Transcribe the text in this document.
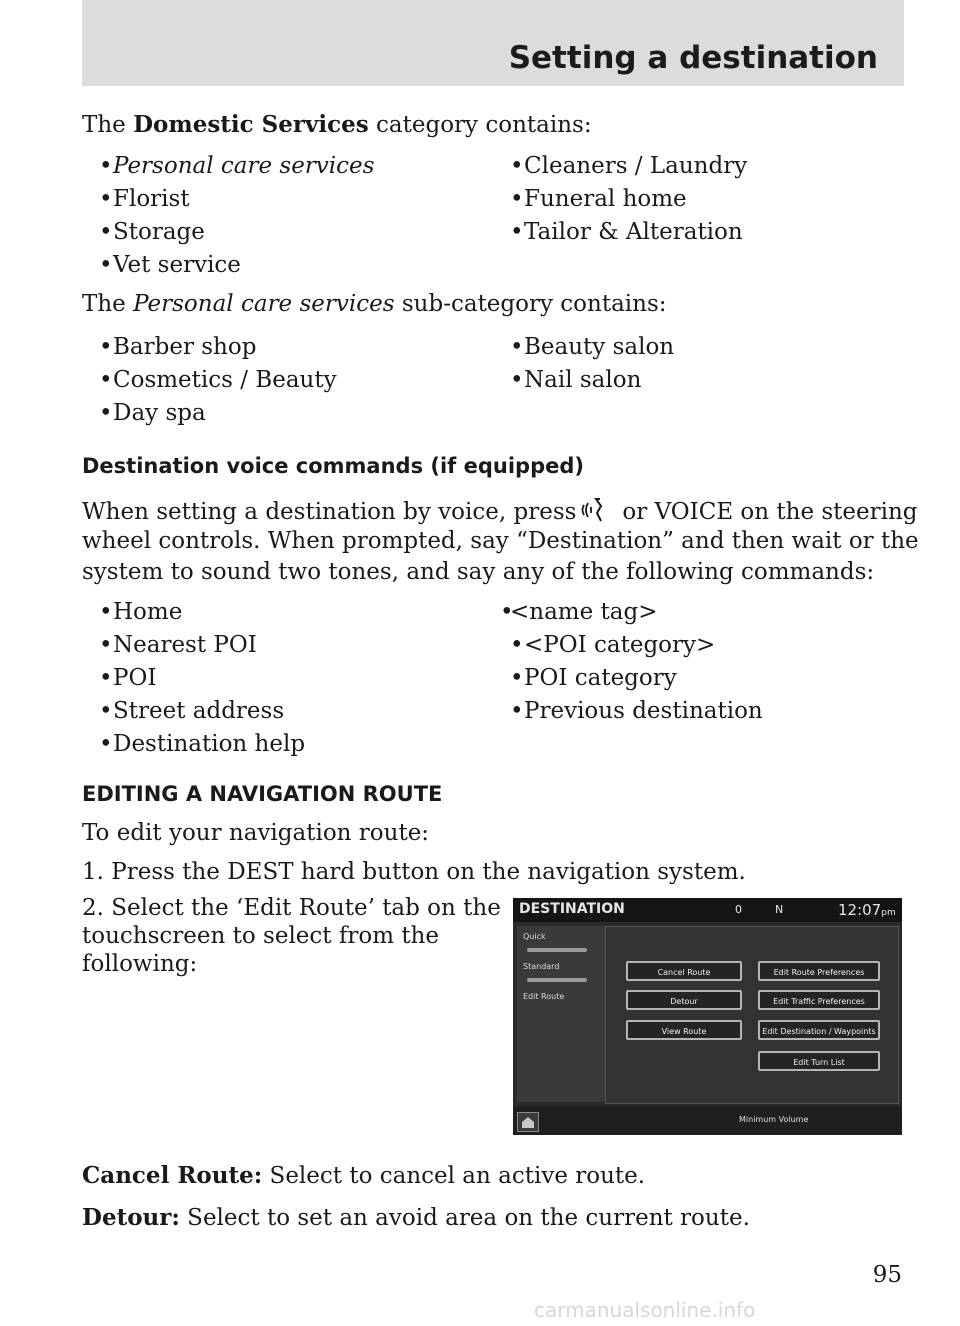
Setting a destination
The Domestic Services category contains:
•Personal care services
•Florist
•Storage
•Vet service
•Cleaners / Laundry
•Funeral home
•Tailor & Alteration
The Personal care services sub-category contains:
•Barber shop
•Cosmetics / Beauty
•Day spa
•Beauty salon
•Nail salon
Destination voice commands (if equipped)
When setting a destination by voice, press or VOICE on the steering
wheel controls. When prompted, say “Destination” and then wait or the
system to sound two tones, and say any of the following commands:
•Home
•Nearest POI
•POI
•Street address
•Destination help
•<name tag>
•<POI category>
•POI category
•Previous destination
EDITING A NAVIGATION ROUTE
To edit your navigation route:
1. Press the DEST hard button on the navigation system.
2. Select the ‘Edit Route’ tab on the
touchscreen to select from the
following:
DESTINATION	0	N	12:07pm
Quick
Standard
Edit Route
Cancel Route	Edit Route Preferences
Detour	Edit Traffic Preferences
View Route	Edit Destination / Waypoints
Edit Turn List
Minimum Volume
Cancel Route: Select to cancel an active route.
Detour: Select to set an avoid area on the current route.
95
carmanualsonline.info
